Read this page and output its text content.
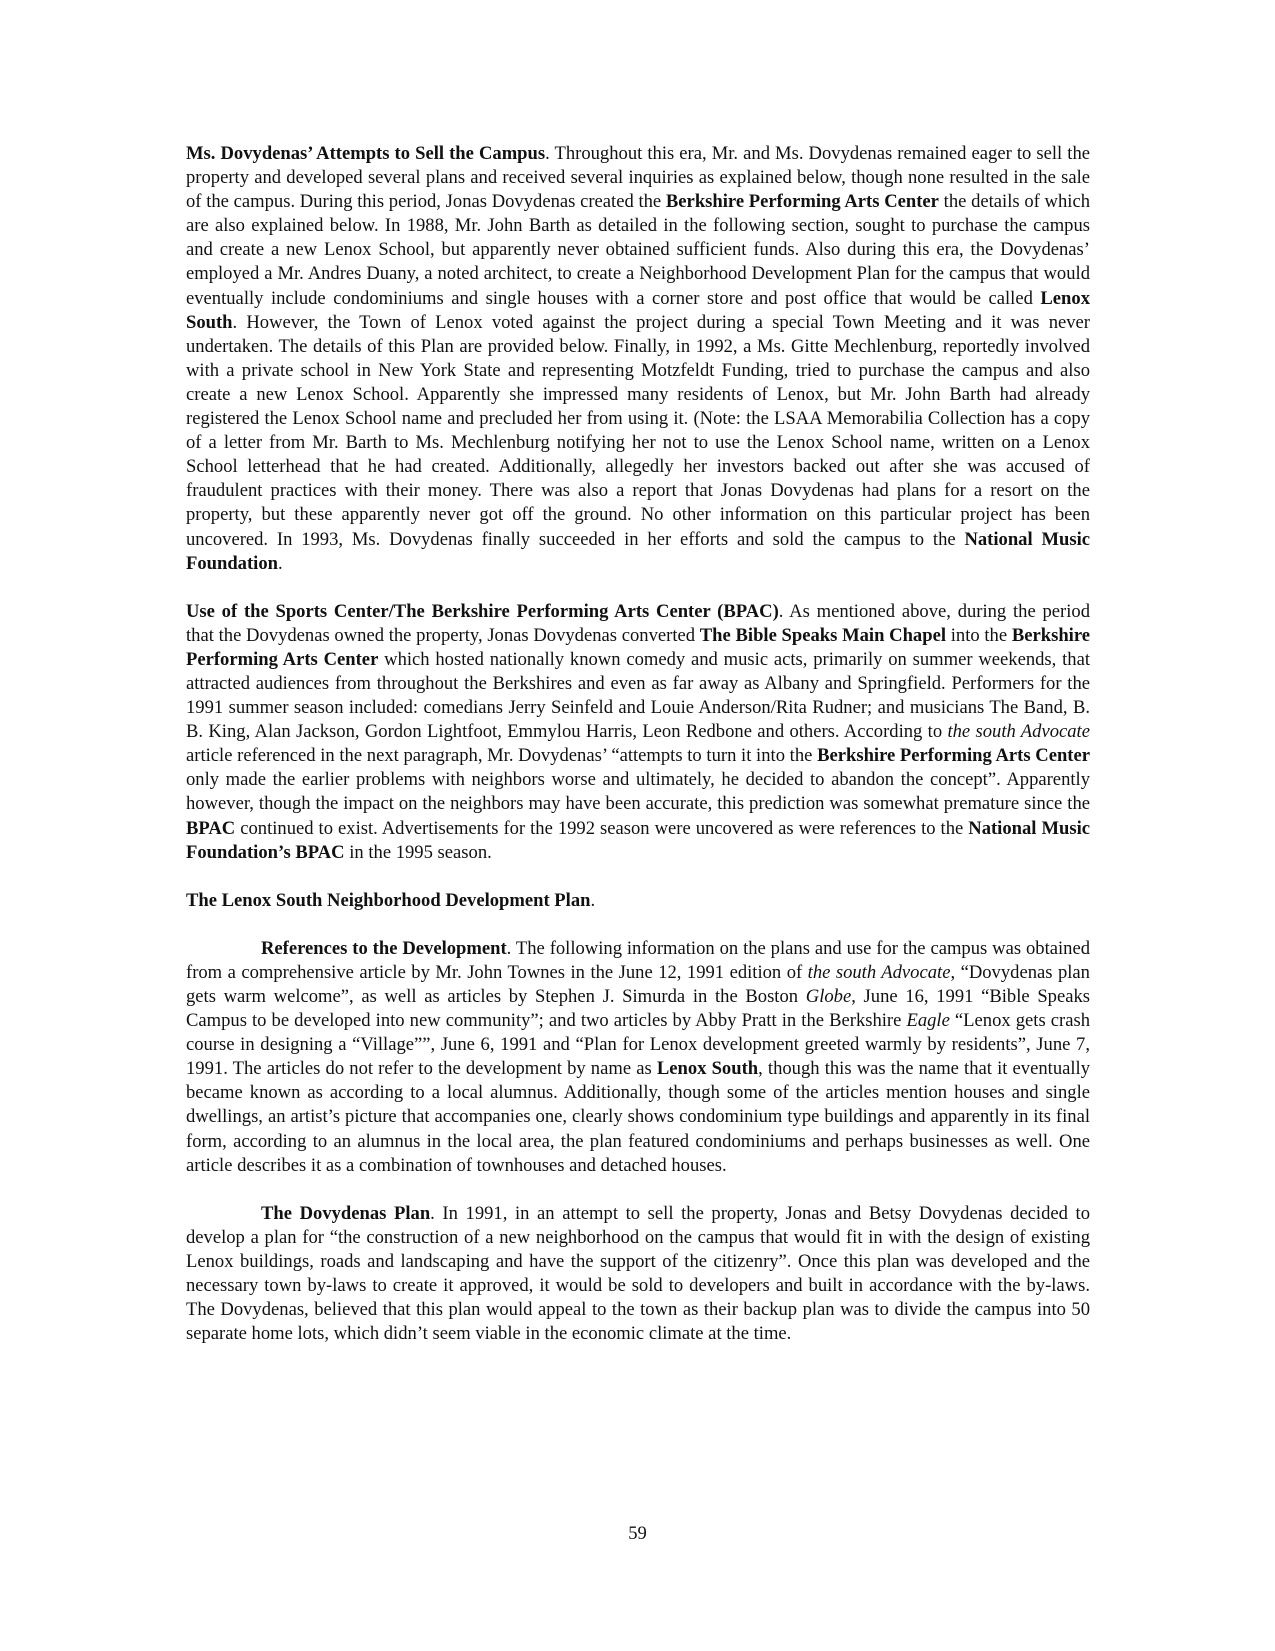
Ms. Dovydenas’ Attempts to Sell the Campus. Throughout this era, Mr. and Ms. Dovydenas remained eager to sell the property and developed several plans and received several inquiries as explained below, though none resulted in the sale of the campus. During this period, Jonas Dovydenas created the Berkshire Performing Arts Center the details of which are also explained below. In 1988, Mr. John Barth as detailed in the following section, sought to purchase the campus and create a new Lenox School, but apparently never obtained sufficient funds. Also during this era, the Dovydenas’ employed a Mr. Andres Duany, a noted architect, to create a Neighborhood Development Plan for the campus that would eventually include condominiums and single houses with a corner store and post office that would be called Lenox South. However, the Town of Lenox voted against the project during a special Town Meeting and it was never undertaken. The details of this Plan are provided below. Finally, in 1992, a Ms. Gitte Mechlenburg, reportedly involved with a private school in New York State and representing Motzfeldt Funding, tried to purchase the campus and also create a new Lenox School. Apparently she impressed many residents of Lenox, but Mr. John Barth had already registered the Lenox School name and precluded her from using it. (Note: the LSAA Memorabilia Collection has a copy of a letter from Mr. Barth to Ms. Mechlenburg notifying her not to use the Lenox School name, written on a Lenox School letterhead that he had created. Additionally, allegedly her investors backed out after she was accused of fraudulent practices with their money. There was also a report that Jonas Dovydenas had plans for a resort on the property, but these apparently never got off the ground. No other information on this particular project has been uncovered. In 1993, Ms. Dovydenas finally succeeded in her efforts and sold the campus to the National Music Foundation.

Use of the Sports Center/The Berkshire Performing Arts Center (BPAC). As mentioned above, during the period that the Dovydenas owned the property, Jonas Dovydenas converted The Bible Speaks Main Chapel into the Berkshire Performing Arts Center which hosted nationally known comedy and music acts, primarily on summer weekends, that attracted audiences from throughout the Berkshires and even as far away as Albany and Springfield. Performers for the 1991 summer season included: comedians Jerry Seinfeld and Louie Anderson/Rita Rudner; and musicians The Band, B. B. King, Alan Jackson, Gordon Lightfoot, Emmylou Harris, Leon Redbone and others. According to the south Advocate article referenced in the next paragraph, Mr. Dovydenas’ “attempts to turn it into the Berkshire Performing Arts Center only made the earlier problems with neighbors worse and ultimately, he decided to abandon the concept”. Apparently however, though the impact on the neighbors may have been accurate, this prediction was somewhat premature since the BPAC continued to exist. Advertisements for the 1992 season were uncovered as were references to the National Music Foundation’s BPAC in the 1995 season.

The Lenox South Neighborhood Development Plan.

References to the Development. The following information on the plans and use for the campus was obtained from a comprehensive article by Mr. John Townes in the June 12, 1991 edition of the south Advocate, “Dovydenas plan gets warm welcome”, as well as articles by Stephen J. Simurda in the Boston Globe, June 16, 1991 “Bible Speaks Campus to be developed into new community”; and two articles by Abby Pratt in the Berkshire Eagle “Lenox gets crash course in designing a “Village””, June 6, 1991 and “Plan for Lenox development greeted warmly by residents”, June 7, 1991. The articles do not refer to the development by name as Lenox South, though this was the name that it eventually became known as according to a local alumnus. Additionally, though some of the articles mention houses and single dwellings, an artist’s picture that accompanies one, clearly shows condominium type buildings and apparently in its final form, according to an alumnus in the local area, the plan featured condominiums and perhaps businesses as well. One article describes it as a combination of townhouses and detached houses.

The Dovydenas Plan. In 1991, in an attempt to sell the property, Jonas and Betsy Dovydenas decided to develop a plan for “the construction of a new neighborhood on the campus that would fit in with the design of existing Lenox buildings, roads and landscaping and have the support of the citizenry”. Once this plan was developed and the necessary town by-laws to create it approved, it would be sold to developers and built in accordance with the by-laws. The Dovydenas, believed that this plan would appeal to the town as their backup plan was to divide the campus into 50 separate home lots, which didn’t seem viable in the economic climate at the time.

59
